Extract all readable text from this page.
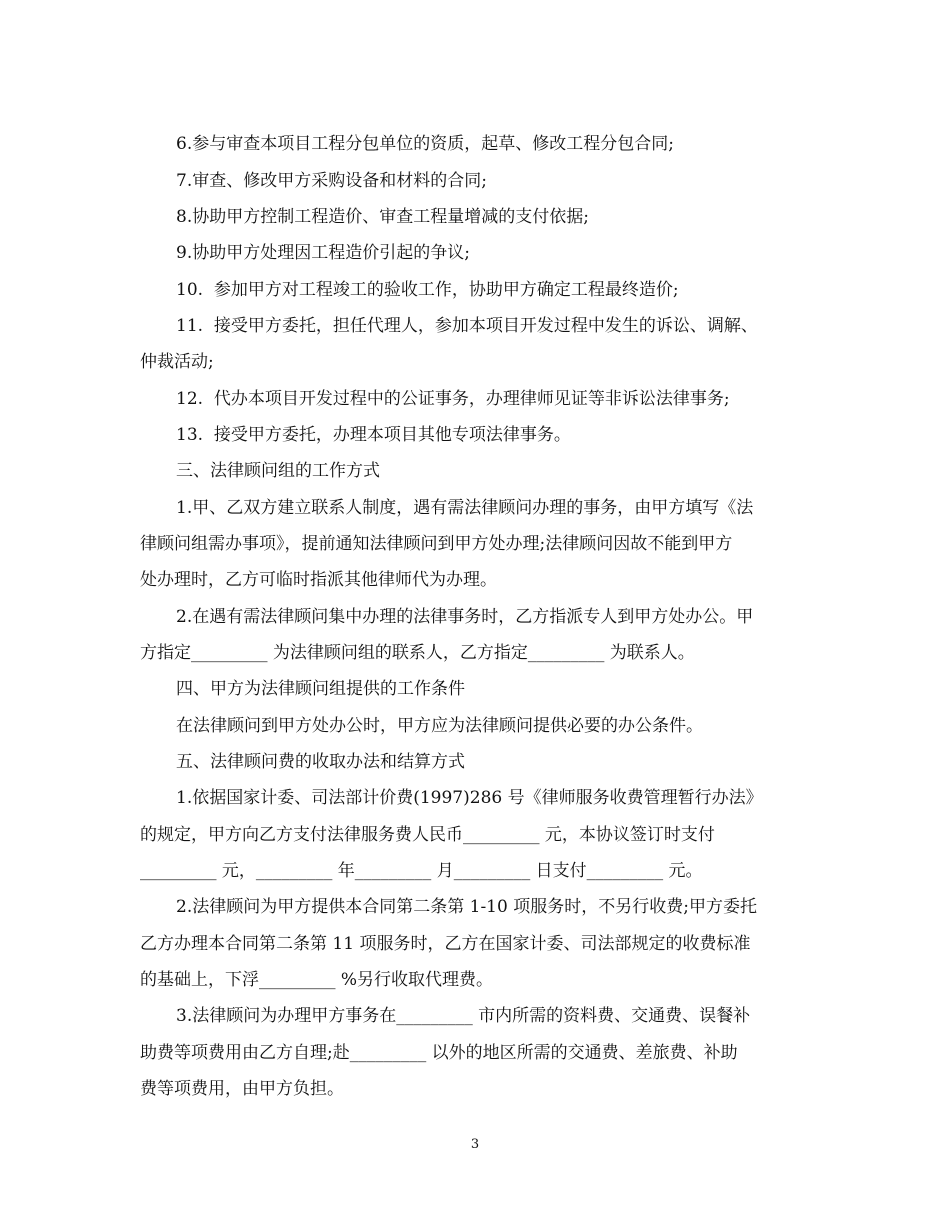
6.参与审查本项目工程分包单位的资质，起草、修改工程分包合同;
7.审查、修改甲方采购设备和材料的合同;
8.协助甲方控制工程造价、审查工程量增减的支付依据;
9.协助甲方处理因工程造价引起的争议;
10.  参加甲方对工程竣工的验收工作，协助甲方确定工程最终造价;
11.  接受甲方委托，担任代理人，参加本项目开发过程中发生的诉讼、调解、
仲裁活动;
12.  代办本项目开发过程中的公证事务，办理律师见证等非诉讼法律事务;
13.  接受甲方委托，办理本项目其他专项法律事务。
三、法律顾问组的工作方式
1.甲、乙双方建立联系人制度，遇有需法律顾问办理的事务，由甲方填写《法
律顾问组需办事项》，提前通知法律顾问到甲方处办理;法律顾问因故不能到甲方
处办理时，乙方可临时指派其他律师代为办理。
2.在遇有需法律顾问集中办理的法律事务时，乙方指派专人到甲方处办公。甲
方指定_________ 为法律顾问组的联系人，乙方指定_________ 为联系人。
四、甲方为法律顾问组提供的工作条件
在法律顾问到甲方处办公时，甲方应为法律顾问提供必要的办公条件。
五、法律顾问费的收取办法和结算方式
1.依据国家计委、司法部计价费(1997)286 号《律师服务收费管理暂行办法》
的规定，甲方向乙方支付法律服务费人民币_________ 元，本协议签订时支付
_________ 元，_________ 年_________ 月_________ 日支付_________ 元。
2.法律顾问为甲方提供本合同第二条第 1-10 项服务时，不另行收费;甲方委托
乙方办理本合同第二条第 11 项服务时，乙方在国家计委、司法部规定的收费标准
的基础上，下浮_________ %另行收取代理费。
3.法律顾问为办理甲方事务在_________ 市内所需的资料费、交通费、误餐补
助费等项费用由乙方自理;赴_________ 以外的地区所需的交通费、差旅费、补助
费等项费用，由甲方负担。
3
